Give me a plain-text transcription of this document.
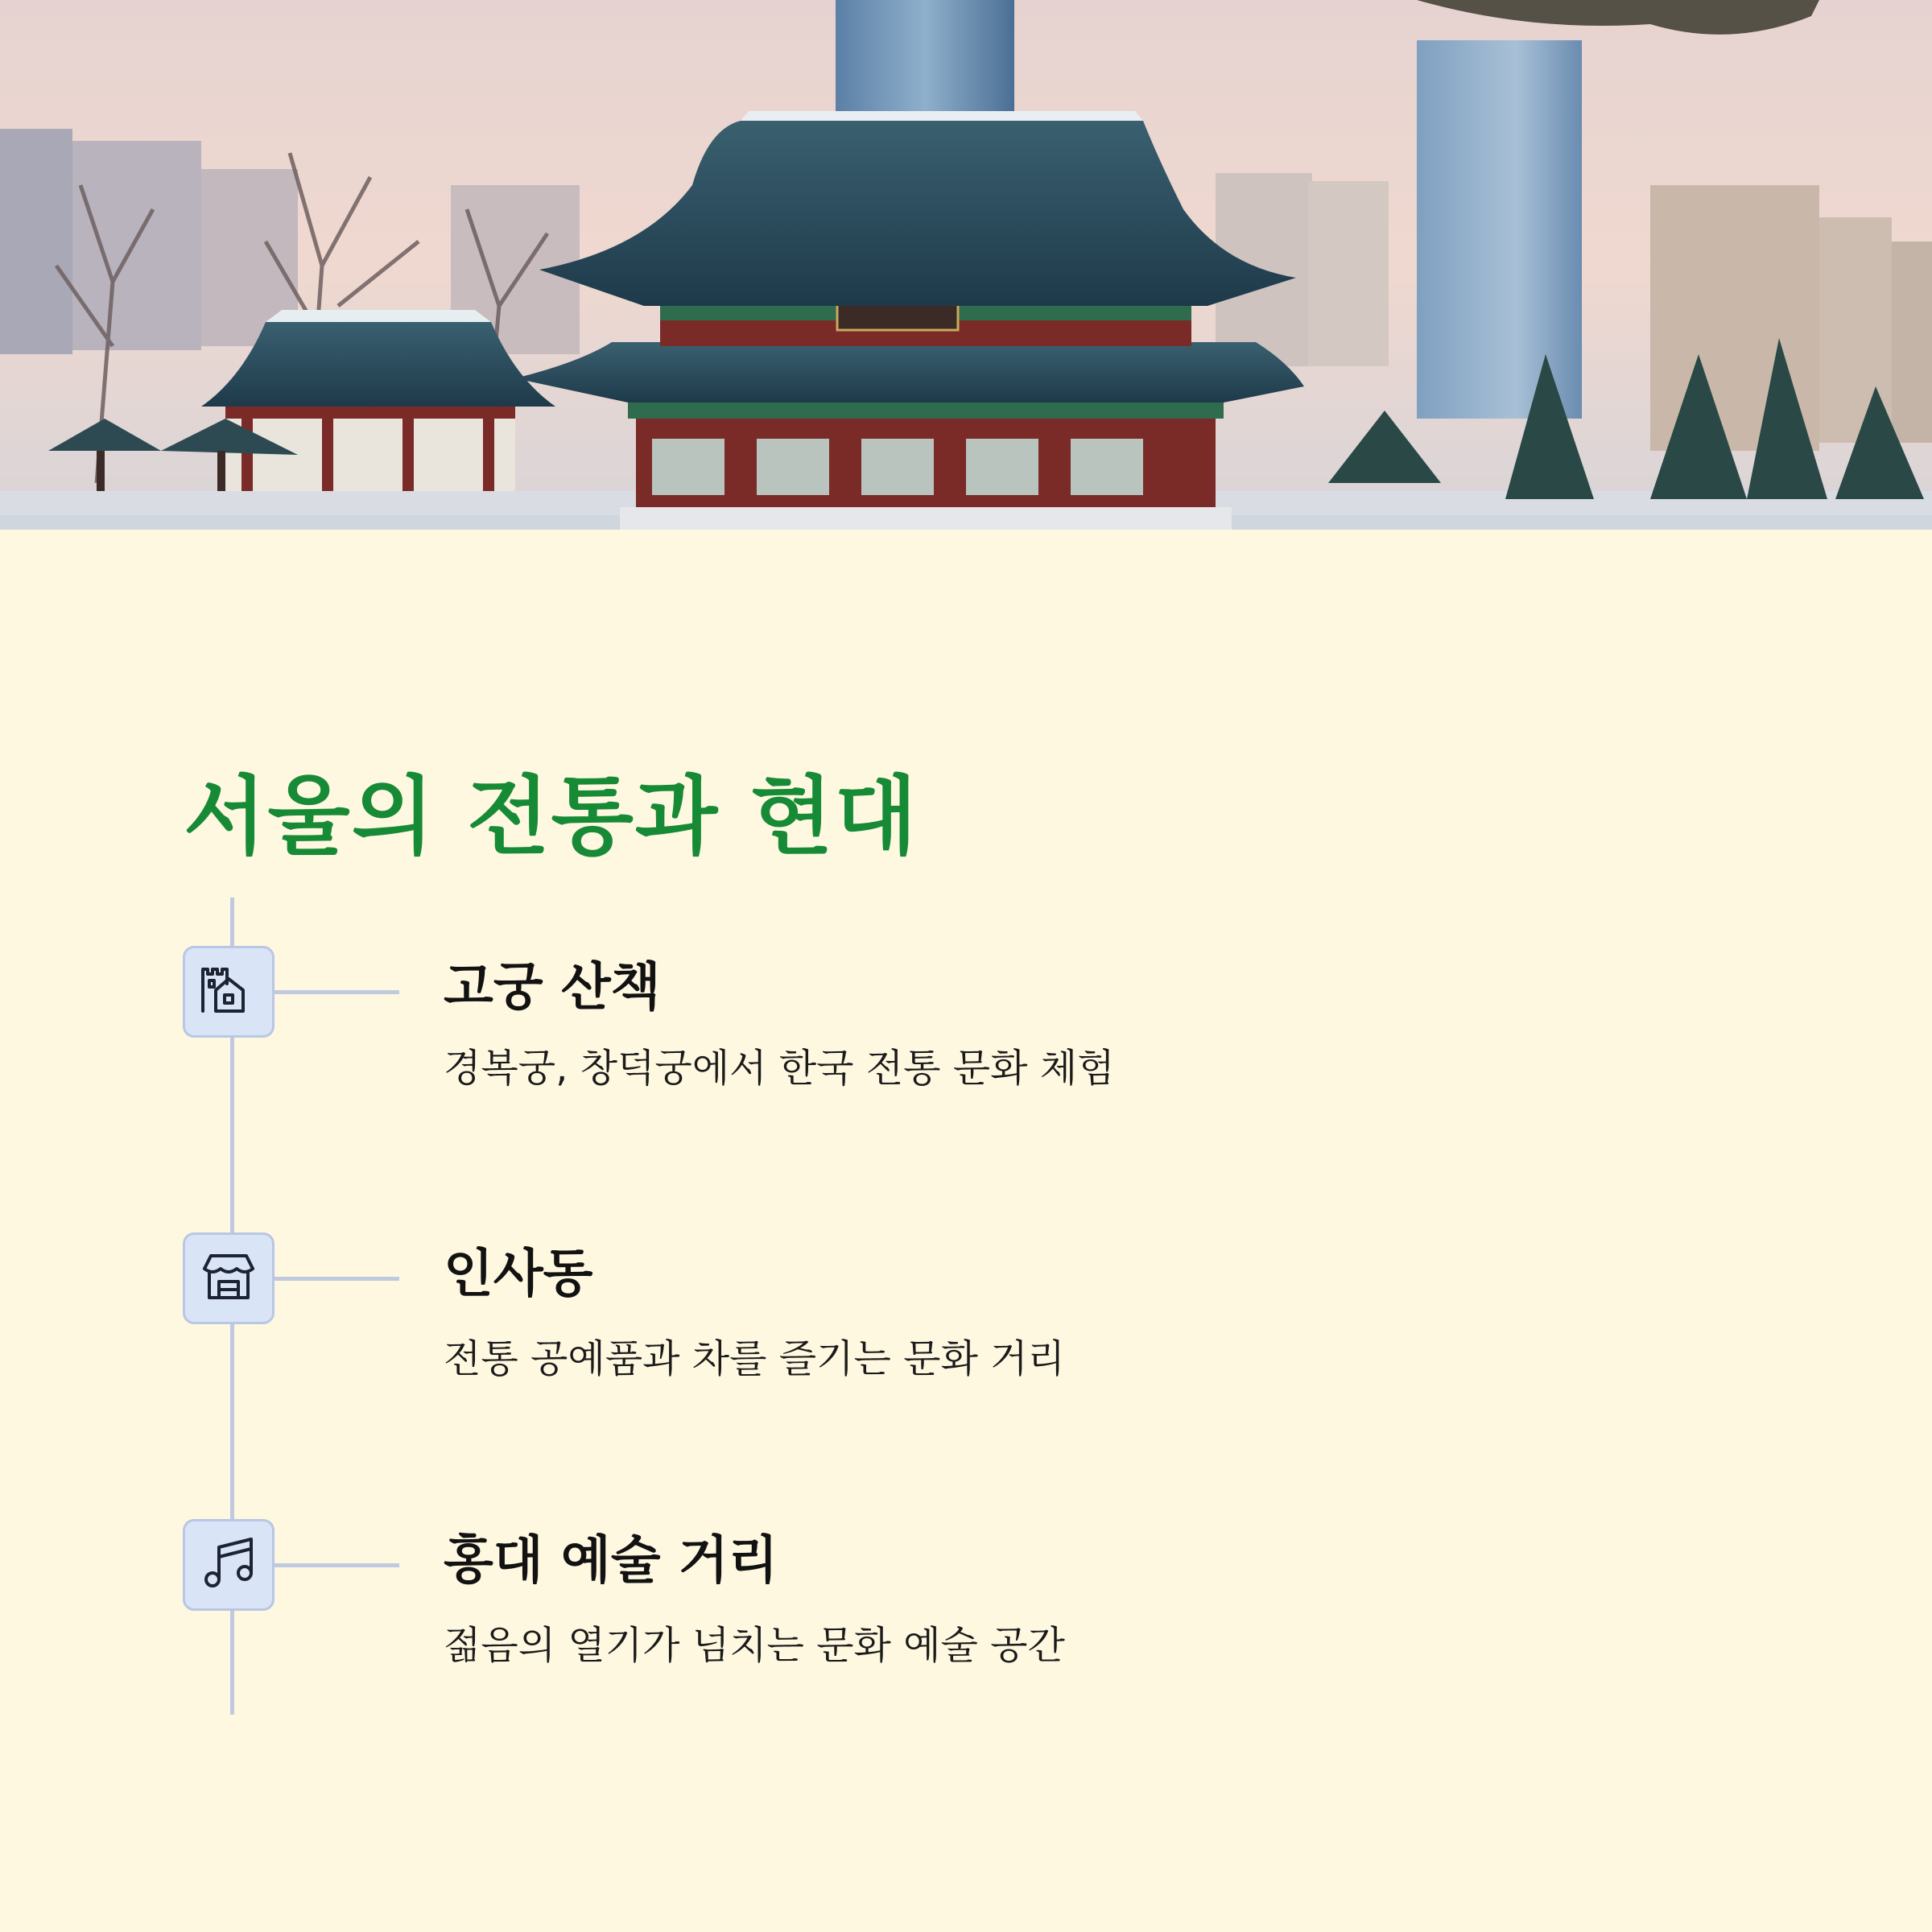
서울의 전통과 현대
고궁 산책
경복궁, 창덕궁에서 한국 전통 문화 체험
인사동
전통 공예품과 차를 즐기는 문화 거리
홍대 예술 거리
젊음의 열기가 넘치는 문화 예술 공간
